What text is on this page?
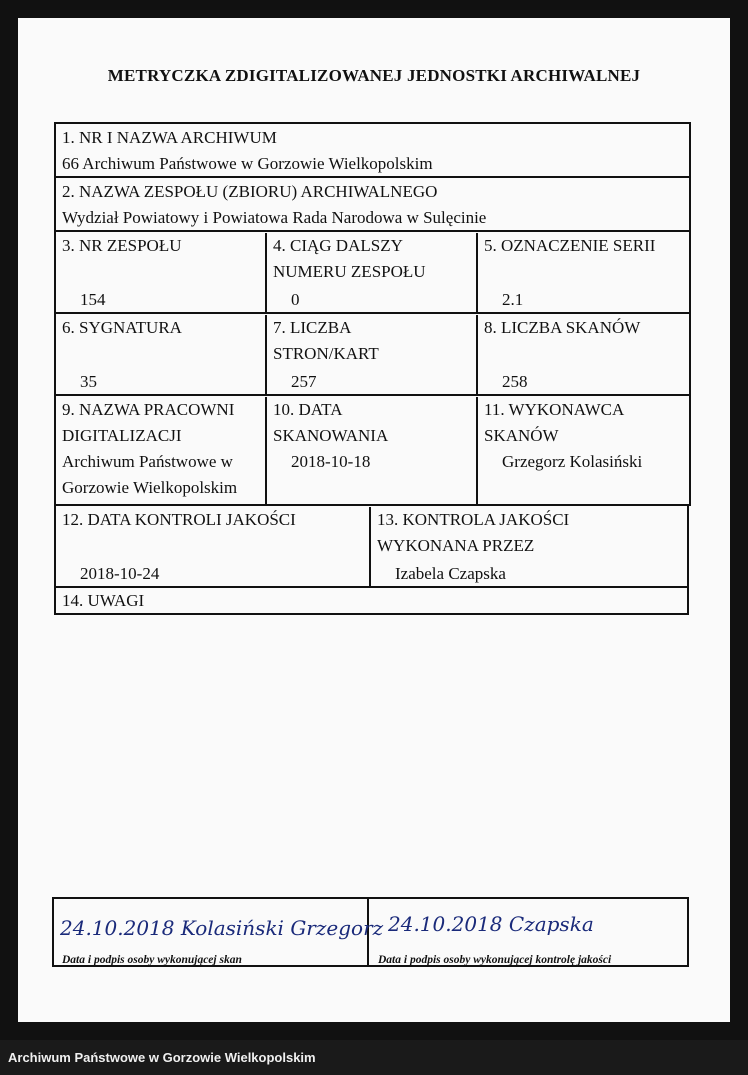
METRYCZKA ZDIGITALIZOWANEJ JEDNOSTKI ARCHIWALNEJ
1. NR I NAZWA ARCHIWUM
66 Archiwum Państwowe w Gorzowie Wielkopolskim
2. NAZWA ZESPOŁU (ZBIORU) ARCHIWALNEGO
Wydział Powiatowy i Powiatowa Rada Narodowa w Sulęcinie
3. NR ZESPOŁU
154
4. CIĄG DALSZY
NUMERU ZESPOŁU
0
5. OZNACZENIE SERII
2.1
6. SYGNATURA
35
7. LICZBA
STRON/KART
257
8. LICZBA SKANÓW
258
9. NAZWA PRACOWNI
DIGITALIZACJI
Archiwum Państwowe w
Gorzowie Wielkopolskim
10. DATA
SKANOWANIA
2018-10-18
11. WYKONAWCA
SKANÓW
Grzegorz Kolasiński
12. DATA KONTROLI JAKOŚCI
2018-10-24
13. KONTROLA JAKOŚCI
WYKONANA PRZEZ
Izabela Czapska
14. UWAGI
24.10.2018 Kolasiński Grzegorz
Data i podpis osoby wykonującej skan
24.10.2018 Czapska
Data i podpis osoby wykonującej kontrolę jakości
Archiwum Państwowe w Gorzowie Wielkopolskim
